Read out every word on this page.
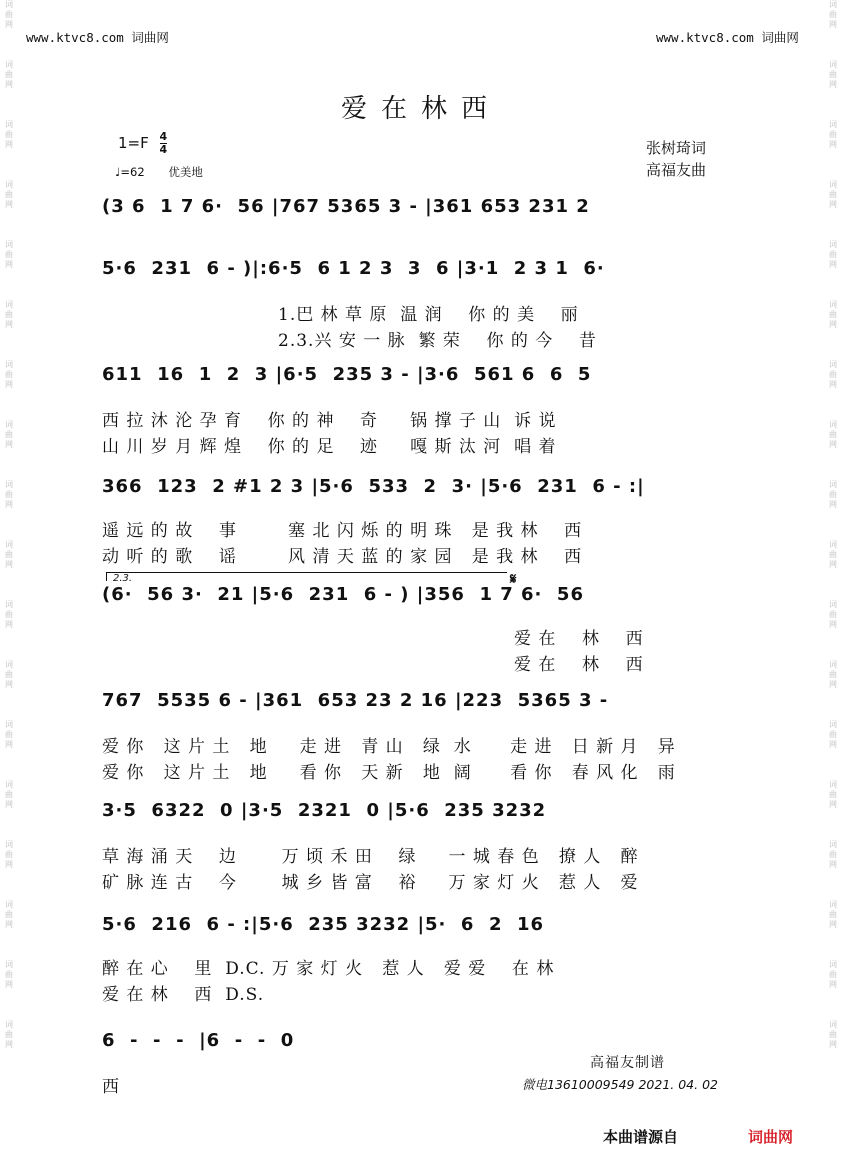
词
曲
网
词
曲
网
词
曲
网
词
曲
网
词
曲
网
词
曲
网
词
曲
网
词
曲
网
词
曲
网
词
曲
网
词
曲
网
词
曲
网
词
曲
网
词
曲
网
词
曲
网
词
曲
网
词
曲
网
词
曲
网
词
曲
网
词
曲
网
词
曲
网
词
曲
网
词
曲
网
词
曲
网
词
曲
网
词
曲
网
词
曲
网
词
曲
网
词
曲
网
词
曲
网
词
曲
网
词
曲
网
词
曲
网
词
曲
网
词
曲
网
词
曲
网
www.ktvc8.com 词曲网	www.ktvc8.com 词曲网
爱在林西
$1=F \frac{4}{4}$
♩=62 优美地
张树琦词
高福友曲
(3 6  1 7 6·  56 |767 5365 3 - |361 653 231 2
5·6  231  6 - )|:6·5  6 1 2 3  3  6 |3·1  2 3 1  6·
1.巴 林 草 原  温 润    你 的 美    丽
2.3.兴 安 一 脉  繁 荣    你 的 今    昔
611  16  1  2  3 |6·5  235 3 - |3·6  561 6  6  5
西 拉 沐 沦 孕 育    你 的 神    奇     锅 撑 子 山  诉 说
山 川 岁 月 辉 煌    你 的 足    迹     嘎 斯 汰 河  唱 着
366  123  2 #1 2 3 |5·6  533  2  3· |5·6  231  6 - :|
遥 远 的 故    事        塞 北 闪 烁 的 明 珠   是 我 林    西
动 听 的 歌    谣        风 清 天 蓝 的 家 园   是 我 林    西
(6·  56 3·  21 |5·6  231  6 - ) |356  1 7 6·  56
爱 在    林    西
爱 在    林    西
767  5535 6 - |361  653 23 2 16 |223  5365 3 -
爱 你   这 片 土   地     走 进   青 山   绿  水      走 进   日 新 月   异
爱 你   这 片 土   地     看 你   天 新   地  阔      看 你   春 风 化   雨
3·5  6322  0 |3·5  2321  0 |5·6  235 3232
草 海 涌 天    边       万 顷 禾 田    绿     一 城 春 色   撩 人   醉
矿 脉 连 古    今       城 乡 皆 富    裕     万 家 灯 火   惹 人   爱
5·6  216  6 - :|5·6  235 3232 |5·  6  2  16
醉 在 心    里  D.C. 万 家 灯 火   惹 人   爱 爱    在 林
爱 在 林    西  D.S.
6  -  -  -  |6  -  -  0
西
2.3.	𝄋
高福友制谱
微电13610009549 2021. 04. 02
本曲谱源自	词曲网
